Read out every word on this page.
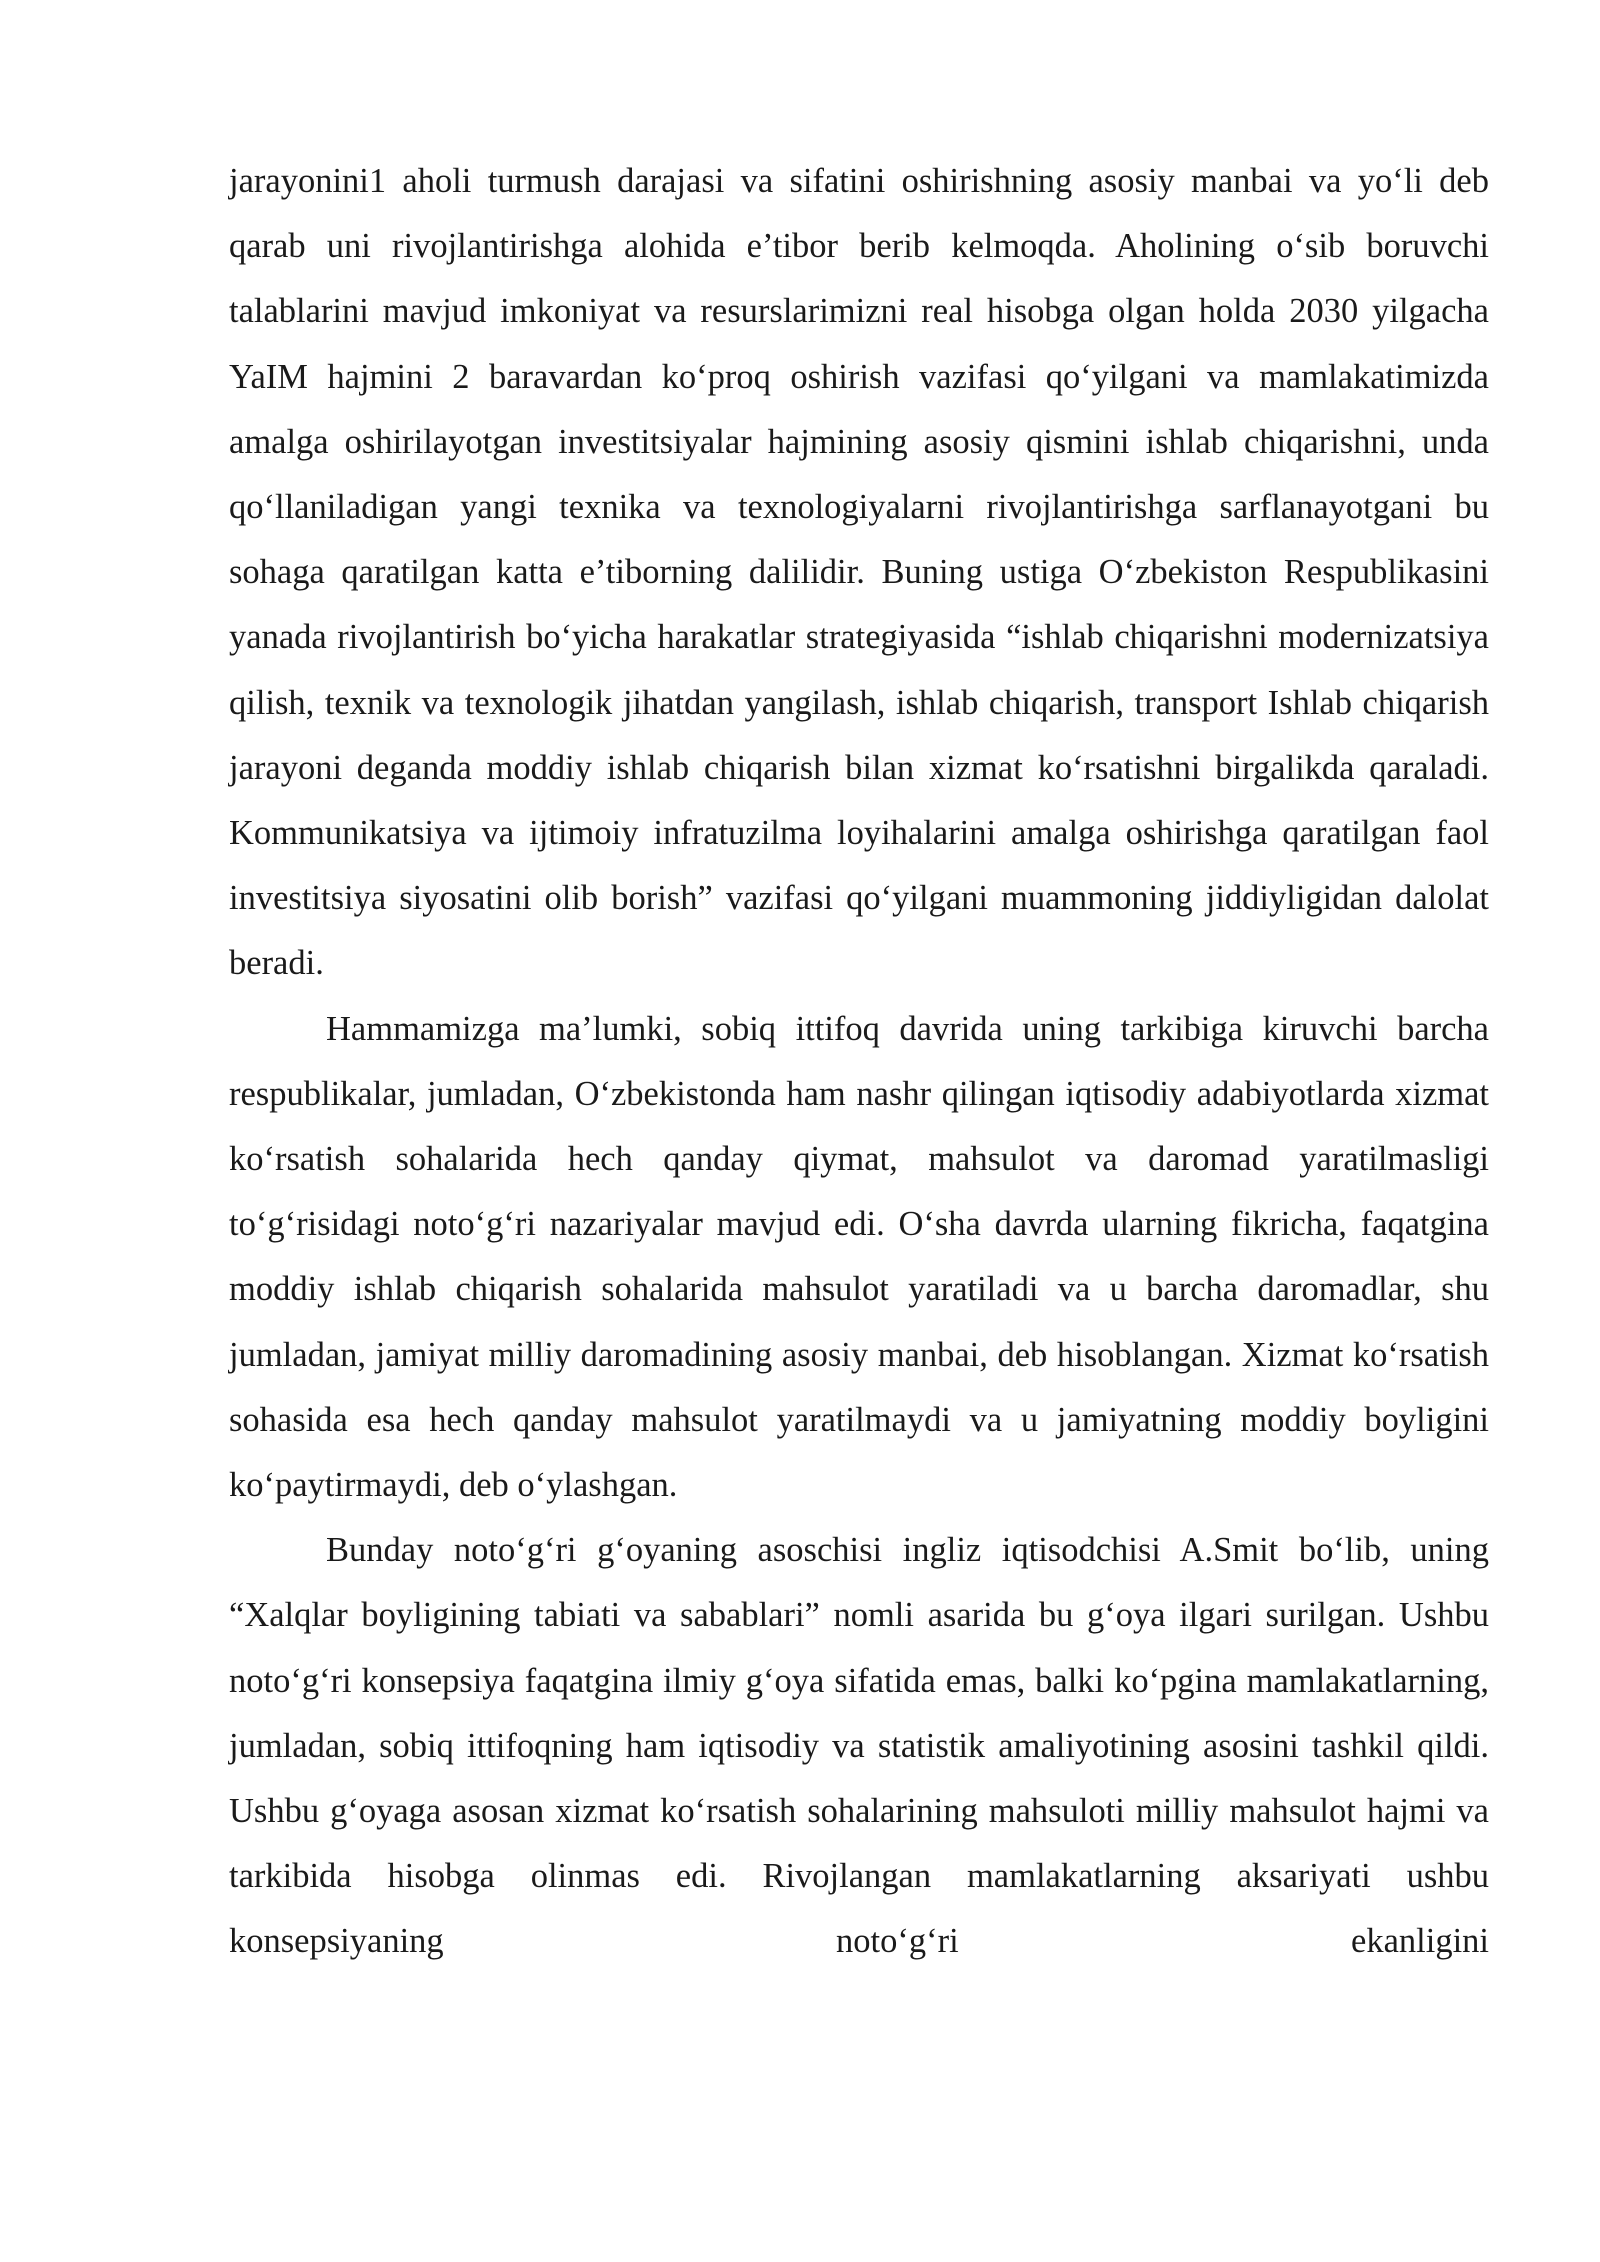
jarayonini1 aholi turmush darajasi va sifatini oshirishning asosiy manbai va yo‘li deb qarab uni rivojlantirishga alohida e’tibor berib kelmoqda. Aholining o‘sib boruvchi talablarini mavjud imkoniyat va resurslarimizni real hisobga olgan holda 2030 yilgacha YaIM hajmini 2 baravardan ko‘proq oshirish vazifasi qo‘yilgani va mamlakatimizda amalga oshirilayotgan investitsiyalar hajmining asosiy qismini ishlab chiqarishni, unda qo‘llaniladigan yangi texnika va texnologiyalarni rivojlantirishga sarflanayotgani bu sohaga qaratilgan katta e’tiborning dalilidir. Buning ustiga O‘zbekiston Respublikasini yanada rivojlantirish bo‘yicha harakatlar strategiyasida “ishlab chiqarishni modernizatsiya qilish, texnik va texnologik jihatdan yangilash, ishlab chiqarish, transport Ishlab chiqarish jarayoni deganda moddiy ishlab chiqarish bilan xizmat ko‘rsatishni birgalikda qaraladi. Kommunikatsiya va ijtimoiy infratuzilma loyihalarini amalga oshirishga qaratilgan faol investitsiya siyosatini olib borish” vazifasi qo‘yilgani muammoning jiddiyligidan dalolat beradi.

Hammamizga ma’lumki, sobiq ittifoq davrida uning tarkibiga kiruvchi barcha respublikalar, jumladan, O‘zbekistonda ham nashr qilingan iqtisodiy adabiyotlarda xizmat ko‘rsatish sohalarida hech qanday qiymat, mahsulot va daromad yaratilmasligi to‘g‘risidagi noto‘g‘ri nazariyalar mavjud edi. O‘sha davrda ularning fikricha, faqatgina moddiy ishlab chiqarish sohalarida mahsulot yaratiladi va u barcha daromadlar, shu jumladan, jamiyat milliy daromadining asosiy manbai, deb hisoblangan. Xizmat ko‘rsatish sohasida esa hech qanday mahsulot yaratilmaydi va u jamiyatning moddiy boyligini ko‘paytirmaydi, deb o‘ylashgan.

Bunday noto‘g‘ri g‘oyaning asoschisi ingliz iqtisodchisi A.Smit bo‘lib, uning “Xalqlar boyligining tabiati va sabablari” nomli asarida bu g‘oya ilgari surilgan. Ushbu noto‘g‘ri konsepsiya faqatgina ilmiy g‘oya sifatida emas, balki ko‘pgina mamlakatlarning, jumladan, sobiq ittifoqning ham iqtisodiy va statistik amaliyotining asosini tashkil qildi. Ushbu g‘oyaga asosan xizmat ko‘rsatish sohalarining mahsuloti milliy mahsulot hajmi va tarkibida hisobga olinmas edi. Rivojlangan mamlakatlarning aksariyati ushbu konsepsiyaning noto‘g‘ri ekanligini
